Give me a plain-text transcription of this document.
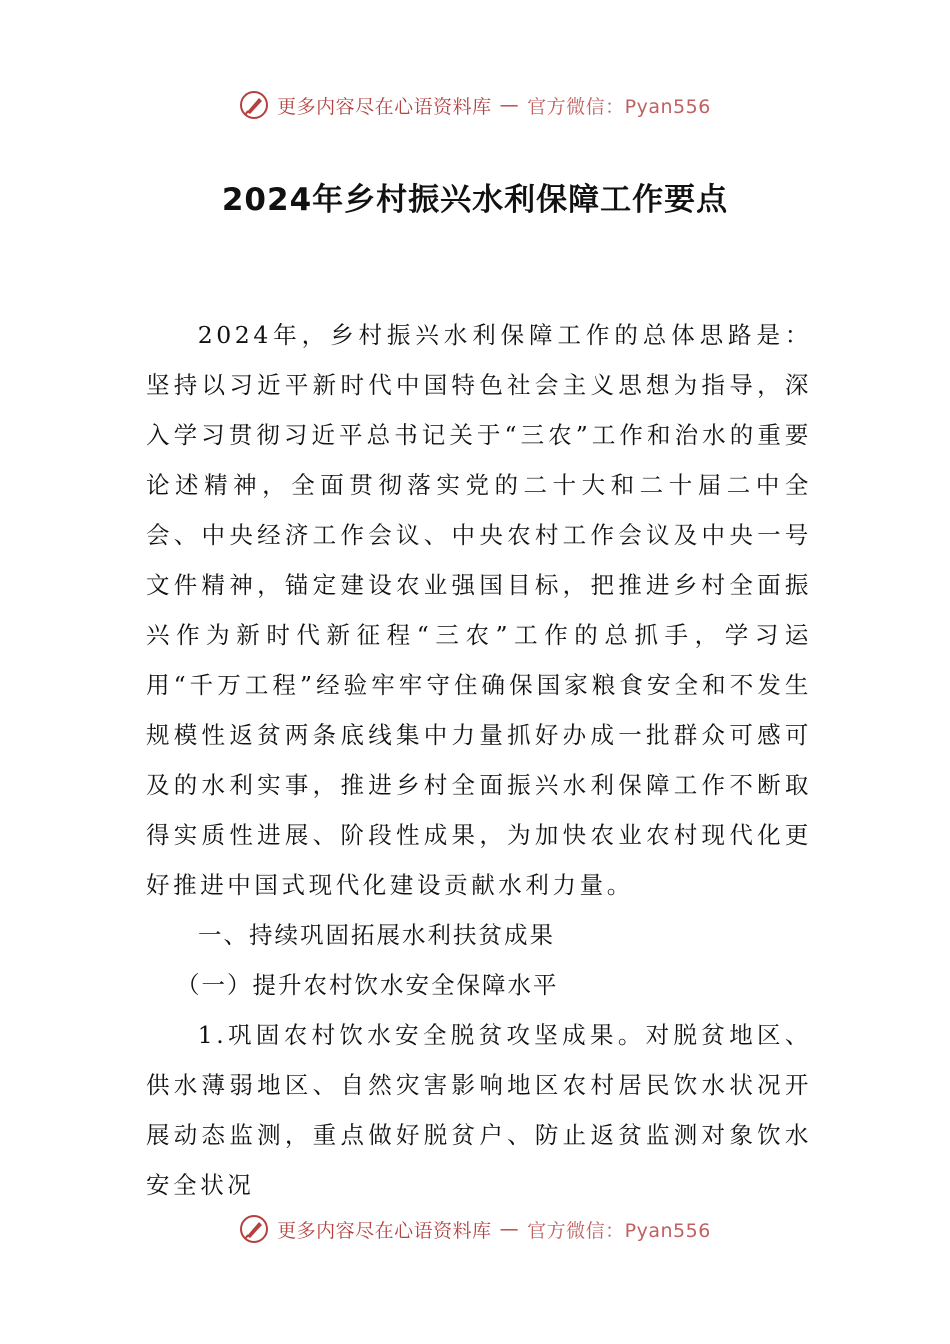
更多内容尽在心语资料库 — 官方微信：Pyan556
2024年乡村振兴水利保障工作要点

2024年，乡村振兴水利保障工作的总体思路是：坚持以习近平新时代中国特色社会主义思想为指导，深入学习贯彻习近平总书记关于“三农”工作和治水的重要论述精神，全面贯彻落实党的二十大和二十届二中全会、中央经济工作会议、中央农村工作会议及中央一号文件精神，锚定建设农业强国目标，把推进乡村全面振兴作为新时代新征程“三农”工作的总抓手，学习运用“千万工程”经验牢牢守住确保国家粮食安全和不发生规模性返贫两条底线集中力量抓好办成一批群众可感可及的水利实事，推进乡村全面振兴水利保障工作不断取得实质性进展、阶段性成果，为加快农业农村现代化更好推进中国式现代化建设贡献水利力量。

一、持续巩固拓展水利扶贫成果

（一）提升农村饮水安全保障水平

1.巩固农村饮水安全脱贫攻坚成果。对脱贫地区、供水薄弱地区、自然灾害影响地区农村居民饮水状况开展动态监测，重点做好脱贫户、防止返贫监测对象饮水安全状况

更多内容尽在心语资料库 — 官方微信：Pyan556
